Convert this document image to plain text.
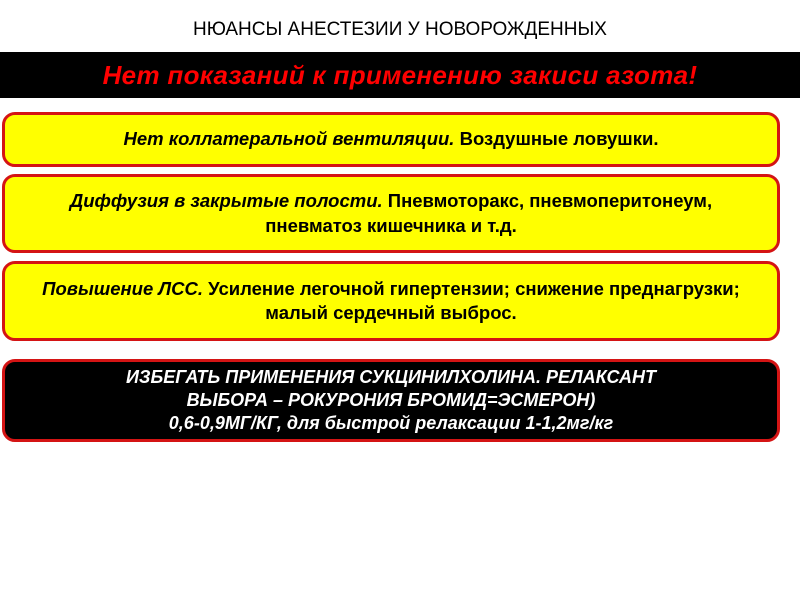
НЮАНСЫ АНЕСТЕЗИИ У НОВОРОЖДЕННЫХ
Нет показаний к применению закиси азота!
Нет коллатеральной вентиляции. Воздушные ловушки.
Диффузия в закрытые полости. Пневмоторакс, пневмоперитонеум, пневматоз кишечника и т.д.
Повышение ЛСС. Усиление легочной гипертензии; снижение преднагрузки; малый сердечный выброс.
ИЗБЕГАТЬ ПРИМЕНЕНИЯ СУКЦИНИЛХОЛИНА. РЕЛАКСАНТ
ВЫБОРА – РОКУРОНИЯ БРОМИД=ЭСМЕРОН)
0,6-0,9МГ/КГ, для быстрой релаксации 1-1,2мг/кг
